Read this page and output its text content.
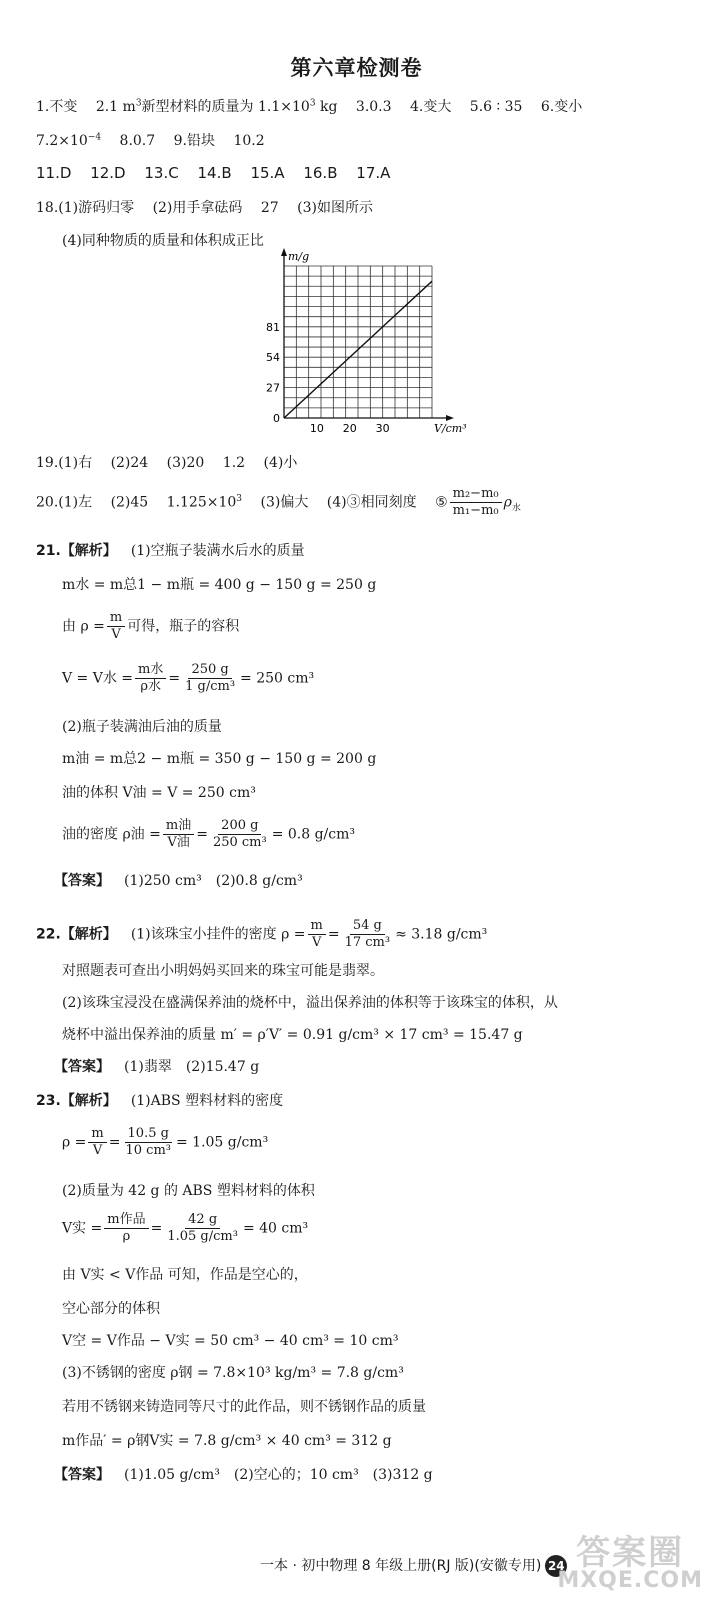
第六章检测卷
1.不变 2.1 $m^3$新型材料的质量为 $1.1\times 10^3$ kg 3.0.3 4.变大 5.6 ∶ 35 6.变小
$7.2\times 10^{-4}$ 8.0.7 9.铅块 10.2
11.D 12.D 13.C 14.B 15.A 16.B 17.A
18.(1)游码归零 (2)用手拿砝码 27 (3)如图所示
(4)同种物质的质量和体积成正比
10 20 30
0
27
54
81
m/g
V/cm³
19.(1)右 (2)24 (3)20 1.2 (4)小
20.(1)左 (2)45 $1.125\times 10^3$ (3)偏大 (4)③相同刻度 ⑤ $\frac{\text{m₂−m₀}}{\text{m₁−m₀}} \rho_水$
21.【解析】 (1)空瓶子装满水后水的质量
m水 = m总1 − m瓶 = 400 g − 150 g = 250 g
由 $\rho = \frac{m}{V}$ 可得，瓶子的容积
V = V水 = $\frac{\text{m水}}{\text{ρ水}} = \frac{250 g}{\text{1 g/cm³}} = 250$ cm³
(2)瓶子装满油后油的质量
m油 = m总2 − m瓶 = 350 g − 150 g = 200 g
油的体积 V油 = V = 250 cm³
油的密度 ρ油 = $\frac{\text{m油}}{\text{V油}} = \frac{200 g}{\text{250 cm³}} = 0.8$ g/cm³
【答案】 (1)250 cm³　(2)0.8 g/cm³
22.【解析】 (1)该珠宝小挂件的密度 $\rho = \frac{m}{V} = \frac{54 g}{\text{17 cm³}} \approx 3.18$ g/cm³
对照题表可查出小明妈妈买回来的珠宝可能是翡翠。
(2)该珠宝浸没在盛满保养油的烧杯中，溢出保养油的体积等于该珠宝的体积，从
烧杯中溢出保养油的质量 m′ = ρ′V′ = 0.91 g/cm³ × 17 cm³ = 15.47 g
【答案】 (1)翡翠　(2)15.47 g
23.【解析】 (1)ABS 塑料材料的密度
$\rho = \frac{m}{V} = \frac{10.5 g}{\text{10 cm³}} = 1.05$ g/cm³
(2)质量为 42 g 的 ABS 塑料材料的体积
V实 = $\frac{\text{m作品}}{\rho} = \frac{42 g}{\text{1.05 g/cm³}} = 40$ cm³
由 V实 < V作品 可知，作品是空心的，
空心部分的体积
V空 = V作品 − V实 = 50 cm³ − 40 cm³ = 10 cm³
(3)不锈钢的密度 ρ钢 = 7.8×10³ kg/m³ = 7.8 g/cm³
若用不锈钢来铸造同等尺寸的此作品，则不锈钢作品的质量
m作品′ = ρ钢V实 = 7.8 g/cm³ × 40 cm³ = 312 g
【答案】 (1)1.05 g/cm³　(2)空心的；10 cm³　(3)312 g
一本 · 初中物理 8 年级上册(RJ 版)(安徽专用) 24 答案圈
MXQE.COM
